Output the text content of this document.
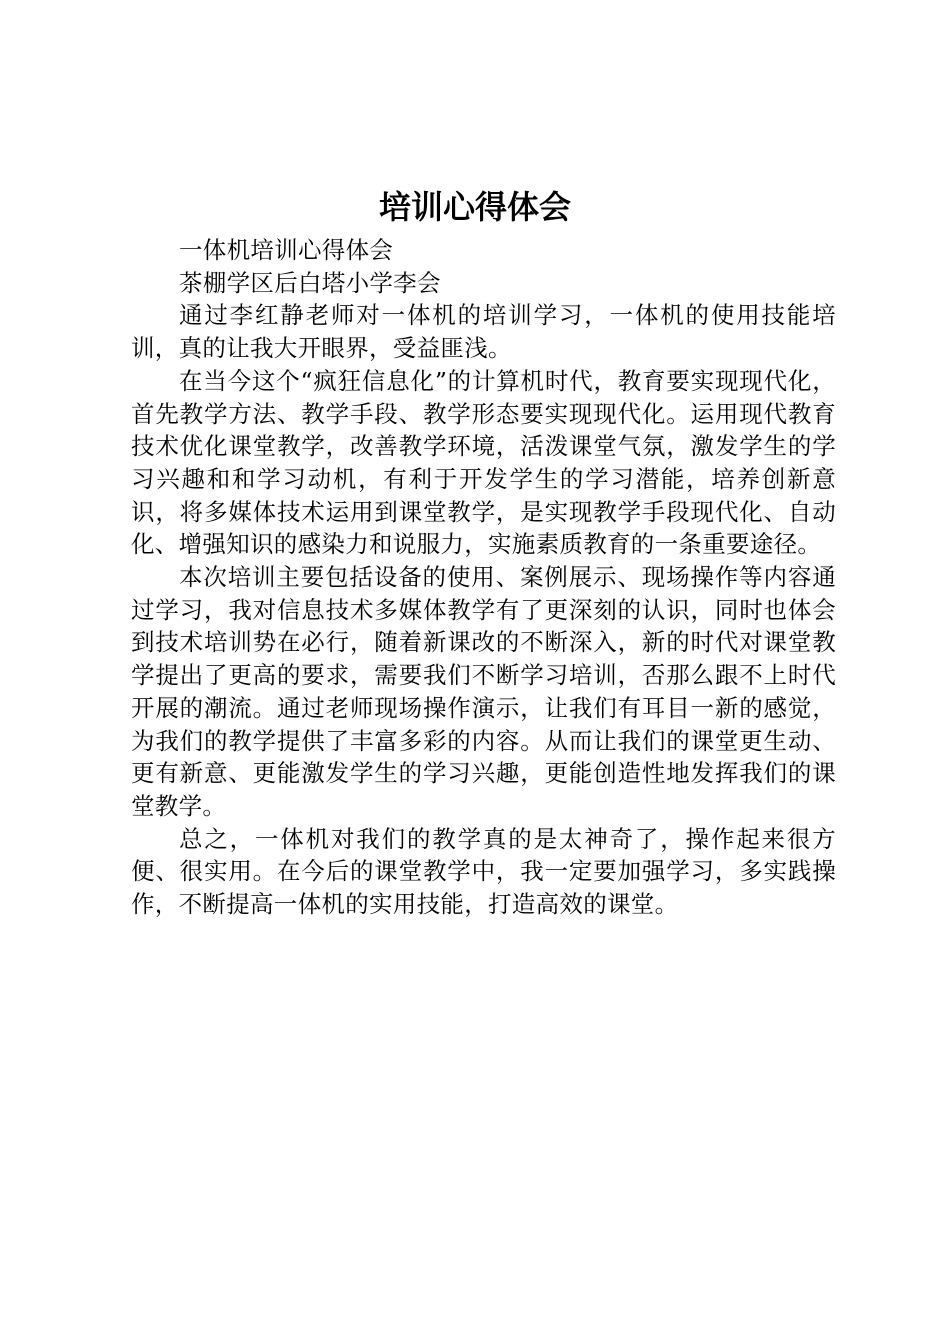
培训心得体会

一体机培训心得体会

茶棚学区后白塔小学李会

通过李红静老师对一体机的培训学习，一体机的使用技能培训，真的让我大开眼界，受益匪浅。

在当今这个“疯狂信息化”的计算机时代，教育要实现现代化，首先教学方法、教学手段、教学形态要实现现代化。运用现代教育技术优化课堂教学，改善教学环境，活泼课堂气氛，激发学生的学习兴趣和和学习动机，有利于开发学生的学习潜能，培养创新意识，将多媒体技术运用到课堂教学，是实现教学手段现代化、自动化、增强知识的感染力和说服力，实施素质教育的一条重要途径。

本次培训主要包括设备的使用、案例展示、现场操作等内容通过学习，我对信息技术多媒体教学有了更深刻的认识，同时也体会到技术培训势在必行，随着新课改的不断深入，新的时代对课堂教学提出了更高的要求，需要我们不断学习培训，否那么跟不上时代开展的潮流。通过老师现场操作演示，让我们有耳目一新的感觉，为我们的教学提供了丰富多彩的内容。从而让我们的课堂更生动、更有新意、更能激发学生的学习兴趣，更能创造性地发挥我们的课堂教学。

总之，一体机对我们的教学真的是太神奇了，操作起来很方便、很实用。在今后的课堂教学中，我一定要加强学习，多实践操作，不断提高一体机的实用技能，打造高效的课堂。
